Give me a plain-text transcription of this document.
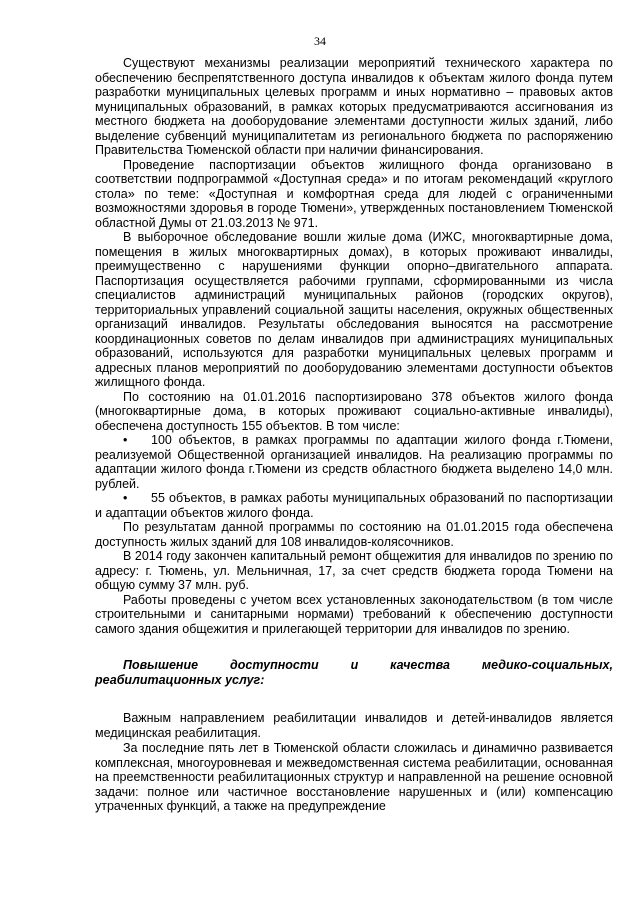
34

Существуют механизмы реализации мероприятий технического характера по обеспечению беспрепятственного доступа инвалидов к объектам жилого фонда путем разработки муниципальных целевых программ и иных нормативно – правовых актов муниципальных образований, в рамках которых предусматриваются ассигнования из местного бюджета на дооборудование элементами доступности жилых зданий, либо выделение субвенций муниципалитетам из регионального бюджета по распоряжению Правительства Тюменской области при наличии финансирования.

Проведение паспортизации объектов жилищного фонда организовано в соответствии подпрограммой «Доступная среда» и по итогам рекомендаций «круглого стола» по теме: «Доступная и комфортная среда для людей с ограниченными возможностями здоровья в городе Тюмени», утвержденных постановлением Тюменской областной Думы от 21.03.2013 № 971.

В выборочное обследование вошли жилые дома (ИЖС, многоквартирные дома, помещения в жилых многоквартирных домах), в которых проживают инвалиды, преимущественно с нарушениями функции опорно–двигательного аппарата. Паспортизация осуществляется рабочими группами, сформированными из числа специалистов администраций муниципальных районов (городских округов), территориальных управлений социальной защиты населения, окружных общественных организаций инвалидов. Результаты обследования выносятся на рассмотрение координационных советов по делам инвалидов при администрациях муниципальных образований, используются для разработки муниципальных целевых программ и адресных планов мероприятий по дооборудованию элементами доступности объектов жилищного фонда.

По состоянию на 01.01.2016 паспортизировано 378 объектов жилого фонда (многоквартирные дома, в которых проживают социально-активные инвалиды), обеспечена доступность 155 объектов. В том числе:

• 100 объектов, в рамках программы по адаптации жилого фонда г.Тюмени, реализуемой Общественной организацией инвалидов. На реализацию программы по адаптации жилого фонда г.Тюмени из средств областного бюджета выделено 14,0 млн. рублей.

• 55 объектов, в рамках работы муниципальных образований по паспортизации и адаптации объектов жилого фонда.

По результатам данной программы по состоянию на 01.01.2015 года обеспечена доступность жилых зданий для 108 инвалидов-колясочников.

В 2014 году закончен капитальный ремонт общежития для инвалидов по зрению по адресу: г. Тюмень, ул. Мельничная, 17, за счет средств бюджета города Тюмени на общую сумму 37 млн. руб.

Работы проведены с учетом всех установленных законодательством (в том числе строительными и санитарными нормами) требований к обеспечению доступности самого здания общежития и прилегающей территории для инвалидов по зрению.

Повышение доступности и качества медико-социальных, реабилитационных услуг:

Важным направлением реабилитации инвалидов и детей-инвалидов является медицинская реабилитация.

За последние пять лет в Тюменской области сложилась и динамично развивается комплексная, многоуровневая и межведомственная система реабилитации, основанная на преемственности реабилитационных структур и направленной на решение основной задачи: полное или частичное восстановление нарушенных и (или) компенсацию утраченных функций, а также на предупреждение
